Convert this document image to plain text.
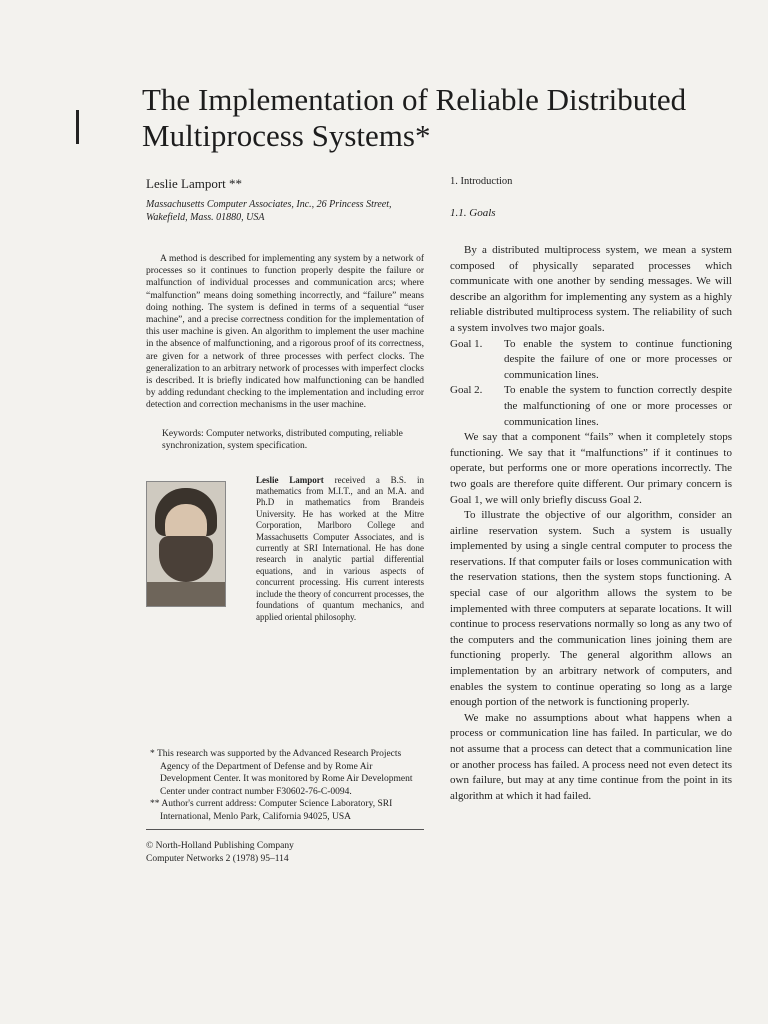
The Implementation of Reliable Distributed
Multiprocess Systems*

Leslie Lamport **

Massachusetts Computer Associates, Inc., 26 Princess Street,
Wakefield, Mass. 01880, USA

A method is described for implementing any system by a network of processes so it continues to function properly despite the failure or malfunction of individual processes and communication arcs; where “malfunction” means doing something incorrectly, and “failure” means doing nothing. The system is defined in terms of a sequential “user machine”, and a precise correctness condition for the implementation of this user machine is given. An algorithm to implement the user machine in the absence of malfunctioning, and a rigorous proof of its correctness, are given for a network of three processes with perfect clocks. The generalization to an arbitrary network of processes with imperfect clocks is described. It is briefly indicated how malfunctioning can be handled by adding redundant checking to the implementation and including error detection and correction mechanisms in the user machine.
Keywords: Computer networks, distributed computing, reliable synchronization, system specification.
Leslie Lamport received a B.S. in mathematics from M.I.T., and an M.A. and Ph.D in mathematics from Brandeis University. He has worked at the Mitre Corporation, Marlboro College and Massachusetts Computer Associates, and is currently at SRI International. He has done research in analytic partial differential equations, and in various aspects of concurrent processing. His current interests include the theory of concurrent processes, the foundations of quantum mechanics, and applied oriental philosophy.

* This research was supported by the Advanced Research Projects Agency of the Department of Defense and by Rome Air Development Center. It was monitored by Rome Air Development Center under contract number F30602-76-C-0094.

** Author's current address: Computer Science Laboratory, SRI International, Menlo Park, California 94025, USA

© North-Holland Publishing Company

Computer Networks 2 (1978) 95–114

1. Introduction

1.1. Goals

By a distributed multiprocess system, we mean a system composed of physically separated processes which communicate with one another by sending messages. We will describe an algorithm for implementing any system as a highly reliable distributed multiprocess system. The reliability of such a system involves two major goals.

Goal 1.	To enable the system to continue functioning despite the failure of one or more processes or communication lines.
Goal 2.	To enable the system to function correctly despite the malfunctioning of one or more processes or communication lines.

We say that a component “fails” when it completely stops functioning. We say that it “malfunctions” if it continues to operate, but performs one or more operations incorrectly. The two goals are therefore quite different. Our primary concern is Goal 1, we will only briefly discuss Goal 2.

To illustrate the objective of our algorithm, consider an airline reservation system. Such a system is usually implemented by using a single central computer to process the reservations. If that computer fails or loses communication with the reservation stations, then the system stops functioning. A special case of our algorithm allows the system to be implemented with three computers at separate locations. It will continue to process reservations normally so long as any two of the computers and the communication lines joining them are functioning properly. The general algorithm allows an implementation by an arbitrary network of computers, and enables the system to continue operating so long as a large enough portion of the network is functioning properly.

We make no assumptions about what happens when a process or communication line has failed. In particular, we do not assume that a process can detect that a communication line or another process has failed. A process need not even detect its own failure, but may at any time continue from the point in its algorithm at which it had failed.
